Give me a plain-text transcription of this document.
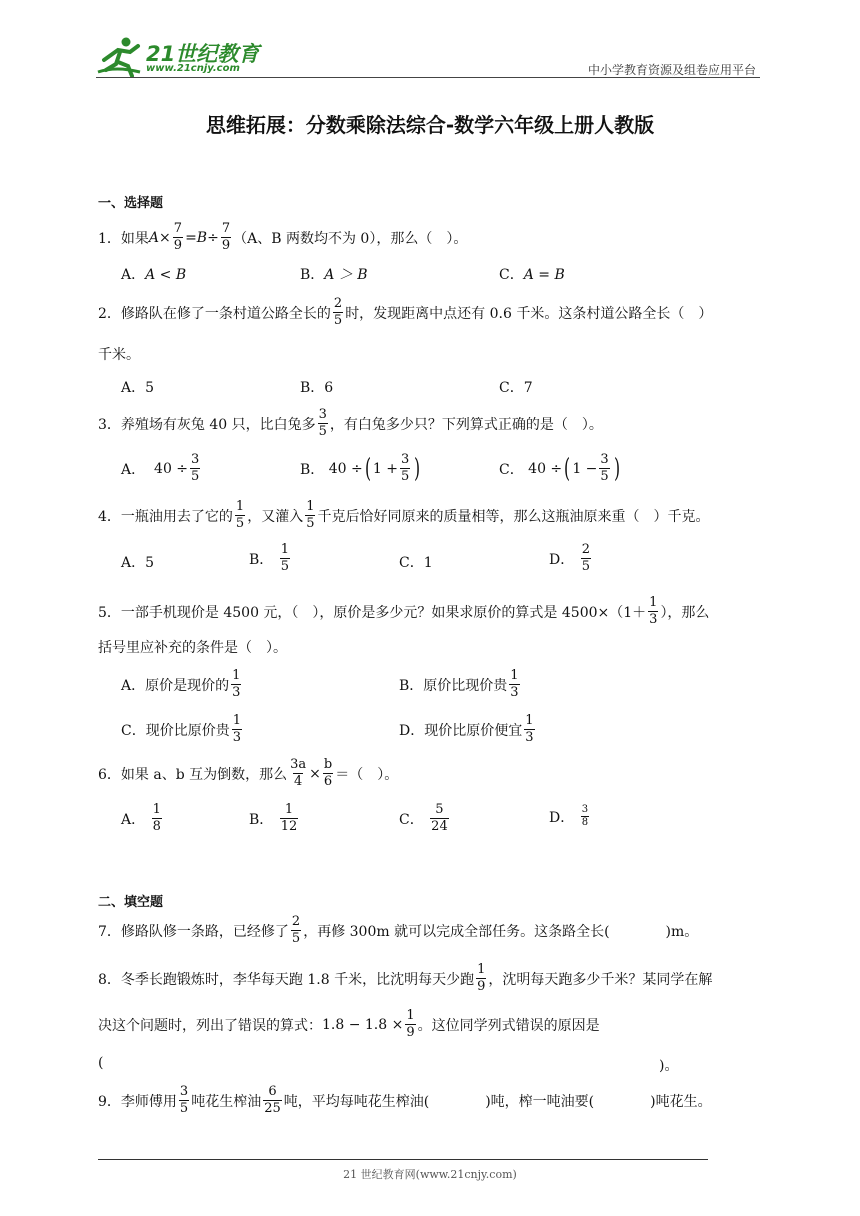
21世纪教育
www.21cnjy.com	中小学教育资源及组卷应用平台
思维拓展：分数乘除法综合-数学六年级上册人教版
一、选择题
1．如果 $A \times \frac{7}{9} = B \div \frac{7}{9} (A$、B 两数均不为 0），那么（　）。
A．A < B	B．A ＞ B	C．A = B
2．修路队在修了一条村道公路全长的 $\frac{2}{5}$ 时，发现距离中点还有 0.6 千米。这条村道公路全长（　）
千米。
A．5	B．6	C．7
3．养殖场有灰兔 40 只，比白兔多 $\frac{3}{5}$ ，有白兔多少只？下列算式正确的是（　）。
A．
$40 \div \frac{3}{5}$	B．
40 ÷ ( $1 + \frac{3}{5}$ )	C．
40 ÷ ( $1 - \frac{3}{5}$ )
4．一瓶油用去了它的 $\frac{1}{5}$ ，又灌入 $\frac{1}{5}$ 千克后恰好同原来的质量相等，那么这瓶油原来重（　）千克。
A．5	B．
$\frac{1}{5}$	C．1	D．
$\frac{2}{5}$
5．一部手机现价是 4500 元，（　），原价是多少元？如果求原价的算式是 $4500\times(1+ \frac{1}{3}$ ），那么
括号里应补充的条件是（　）。
A．原价是现价的 $\frac{1}{3}$	B．原价比现价贵 $\frac{1}{3}$
C．现价比原价贵 $\frac{1}{3}$	D．现价比原价便宜 $\frac{1}{3}$
6．如果 a、b 互为倒数，那么 $\frac{3a}{4} \times \frac{b}{6}$ ＝（　）。
A．
$\frac{1}{8}$	B．
$\frac{1}{12}$	C．
$\frac{5}{24}$	D．
$\frac{3}{8}$
二、填空题
7．修路队修一条路，已经修了 $\frac{2}{5}$ ，再修 300m 就可以完成全部任务。这条路全长(　　　　)m。
8．冬季长跑锻炼时，李华每天跑 1.8 千米，比沈明每天少跑 $\frac{1}{9}$ ，沈明每天跑多少千米？某同学在解
决这个问题时，列出了错误的算式： $1.8 - 1.8 \times \frac{1}{9}$ 。这位同学列式错误的原因是
(	)。
9．李师傅用 $\frac{3}{5}$ 吨花生榨油 $\frac{6}{25}$ 吨，平均每吨花生榨油(　　　　)吨，榨一吨油要(　　　　)吨花生。
21 世纪教育网(www.21cnjy.com)
